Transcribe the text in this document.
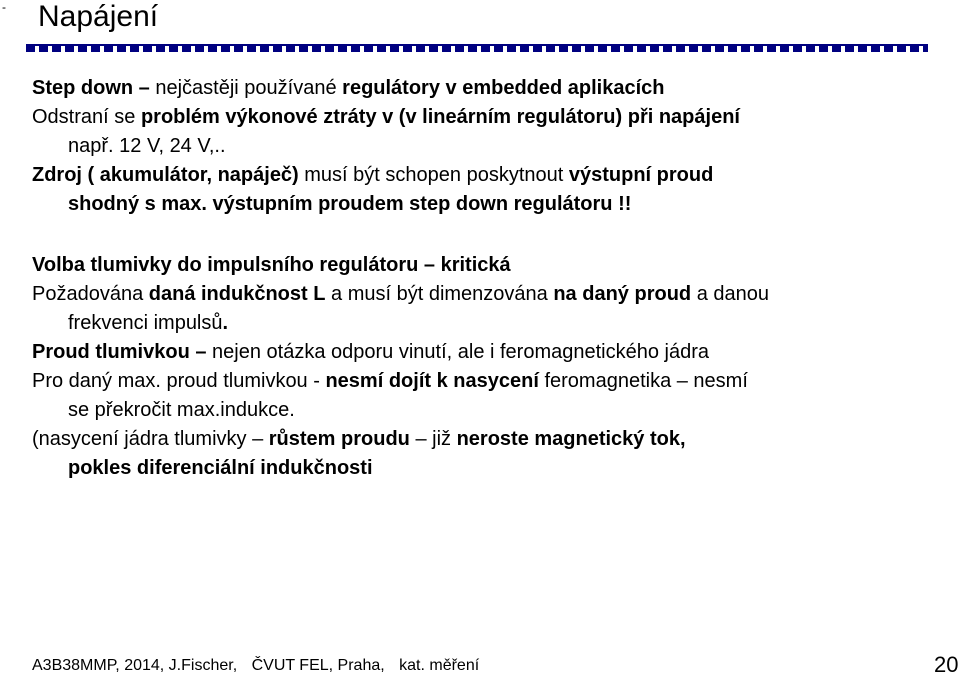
- Napájení

Step down – nejčastěji používané regulátory v embedded aplikacích

Odstraní se problém výkonové ztráty v (v lineárním regulátoru) při napájení

např. 12 V, 24 V,..

Zdroj ( akumulátor, napáječ) musí být schopen poskytnout výstupní proud

shodný s max. výstupním proudem step down regulátoru !!

Volba tlumivky do impulsního regulátoru – kritická

Požadována daná indukčnost L a musí být dimenzována na daný proud a danou

frekvenci impulsů.

Proud tlumivkou – nejen otázka odporu vinutí, ale i feromagnetického jádra

Pro daný max. proud tlumivkou - nesmí dojít k nasycení feromagnetika – nesmí

se překročit max.indukce.

(nasycení jádra tlumivky – růstem proudu – již neroste magnetický tok,

pokles diferenciální indukčnosti

A3B38MMP, 2014, J.Fischer, ČVUT FEL, Praha, kat. měření	20
